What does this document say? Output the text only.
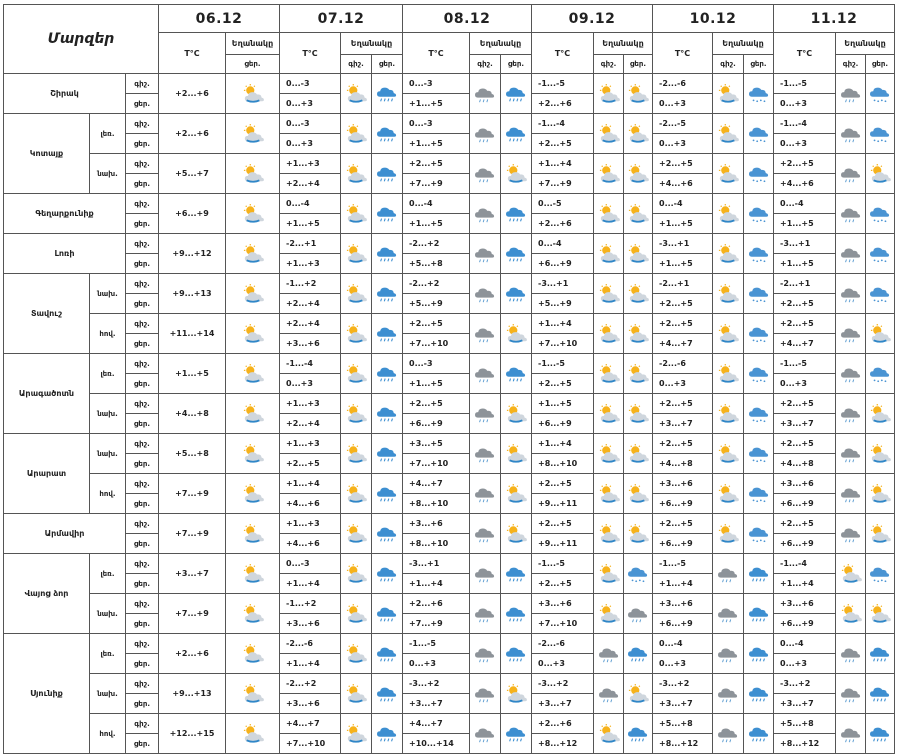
Մարզեր			06.12		07.12			08.12			09.12			10.12			11.12		
			T°C	Եղանակը	T°C	Եղանակը		T°C	Եղանակը		T°C	Եղանակը		T°C	Եղանակը		T°C	Եղանակը	
				ցեր.		գիշ.	ցեր.		գիշ.	ցեր.		գիշ.	ցեր.		գիշ.	ցեր.		գիշ.	ցեր.
Շիրակ		գիշ.	+2...+6		0...-3			0...-3			-1...-5			-2...-6			-1...-5		
		ցեր.			0...+3			+1...+5			+2...+6			0...+3			0...+3		
Կոտայք	լեռ.	գիշ.	+2...+6		0...-3			0...-3			-1...-4			-2...-5			-1...-4		
		ցեր.			0...+3			+1...+5			+2...+5			0...+3			0...+3		
	նախ.	գիշ.	+5...+7		+1...+3			+2...+5			+1...+4			+2...+5			+2...+5		
		ցեր.			+2...+4			+7...+9			+7...+9			+4...+6			+4...+6		
Գեղարքունիք		գիշ.	+6...+9		0...-4			0...-4			0...-5			0...-4			0...-4		
		ցեր.			+1...+5			+1...+5			+2...+6			+1...+5			+1...+5		
Լոռի		գիշ.	+9...+12		-2...+1			-2...+2			0...-4			-3...+1			-3...+1		
		ցեր.			+1...+3			+5...+8			+6...+9			+1...+5			+1...+5		
Տավուշ	նախ.	գիշ.	+9...+13		-1...+2			-2...+2			-3...+1			-2...+1			-2...+1		
		ցեր.			+2...+4			+5...+9			+5...+9			+2...+5			+2...+5		
	հով.	գիշ.	+11...+14		+2...+4			+2...+5			+1...+4			+2...+5			+2...+5		
		ցեր.			+3...+6			+7...+10			+7...+10			+4...+7			+4...+7		
Արագածոտն	լեռ.	գիշ.	+1...+5		-1...-4			0...-3			-1...-5			-2...-6			-1...-5		
		ցեր.			0...+3			+1...+5			+2...+5			0...+3			0...+3		
	նախ.	գիշ.	+4...+8		+1...+3			+2...+5			+1...+5			+2...+5			+2...+5		
		ցեր.			+2...+4			+6...+9			+6...+9			+3...+7			+3...+7		
Արարատ	նախ.	գիշ.	+5...+8		+1...+3			+3...+5			+1...+4			+2...+5			+2...+5		
		ցեր.			+2...+5			+7...+10			+8...+10			+4...+8			+4...+8		
	հով.	գիշ.	+7...+9		+1...+4			+4...+7			+2...+5			+3...+6			+3...+6		
		ցեր.			+4...+6			+8...+10			+9...+11			+6...+9			+6...+9		
Արմավիր		գիշ.	+7...+9		+1...+3			+3...+6			+2...+5			+2...+5			+2...+5		
		ցեր.			+4...+6			+8...+10			+9...+11			+6...+9			+6...+9		
Վայոց ձոր	լեռ.	գիշ.	+3...+7		0...-3			-3...+1			-1...-5			-1...-5			-1...-4		
		ցեր.			+1...+4			+1...+4			+2...+5			+1...+4			+1...+4		
	նախ.	գիշ.	+7...+9		-1...+2			+2...+6			+3...+6			+3...+6			+3...+6		
		ցեր.			+3...+6			+7...+9			+7...+10			+6...+9			+6...+9		
Սյունիք	լեռ.	գիշ.	+2...+6		-2...-6			-1...-5			-2...-6			0...-4			0...-4		
		ցեր.			+1...+4			0...+3			0...+3			0...+3			0...+3		
	նախ.	գիշ.	+9...+13		-2...+2			-3...+2			-3...+2			-3...+2			-3...+2		
		ցեր.			+3...+6			+3...+7			+3...+7			+3...+7			+3...+7		
	հով.	գիշ.	+12...+15		+4...+7			+4...+7			+2...+6			+5...+8			+5...+8		
		ցեր.			+7...+10			+10...+14			+8...+12			+8...+12			+8...+12		
